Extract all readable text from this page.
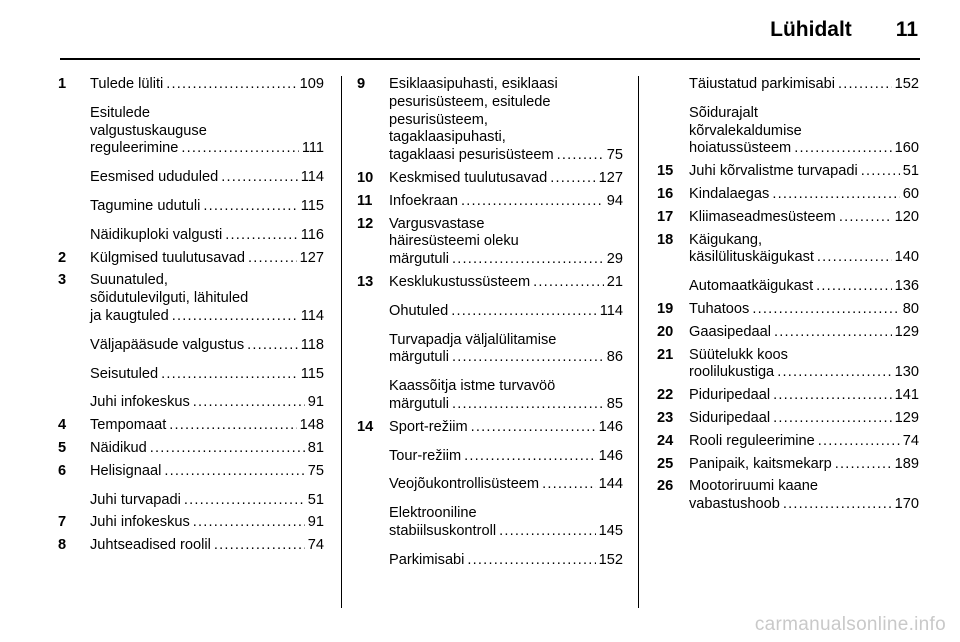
Lühidalt 11
1	Tulede lüliti .....	109
Esitulede
valgustuskauguse
reguleerimine .....	111
Eesmised ududuled .....	114
Tagumine udutuli .....	115
Näidikuploki valgusti .....	116
2	Külgmised tuulutusavad .....	127
3	Suunatuled,
sõidutulevilguti, lähituled
ja kaugtuled .....	114
Väljapääsude valgustus .....	118
Seisutuled .....	115
Juhi infokeskus .....	91
4	Tempomaat .....	148
5	Näidikud .....	81
6	Helisignaal .....	75
Juhi turvapadi .....	51
7	Juhi infokeskus .....	91
8	Juhtseadised roolil .....	74
9	Esiklaasipuhasti, esiklaasi
pesurisüsteem, esitulede
pesurisüsteem,
tagaklaasipuhasti,
tagaklaasi pesurisüsteem .....	75
10	Keskmised tuulutusavad .....	127
11	Infoekraan .....	94
12	Vargusvastase
häiresüsteemi oleku
märgutuli .....	29
13	Kesklukustussüsteem .....	21
Ohutuled .....	114
Turvapadja väljalülitamise
märgutuli .....	86
Kaassõitja istme turvavöö
märgutuli .....	85
14	Sport-režiim .....	146
Tour-režiim .....	146
Veojõukontrollisüsteem .....	144
Elektrooniline
stabiilsuskontroll .....	145
Parkimisabi .....	152
Täiustatud parkimisabi .....	152
Sõidurajalt
kõrvalekaldumise
hoiatussüsteem .....	160
15	Juhi kõrvalistme turvapadi .....	51
16	Kindalaegas .....	60
17	Kliimaseadmesüsteem .....	120
18	Käigukang,
käsilülituskäigukast .....	140
Automaatkäigukast .....	136
19	Tuhatoos .....	80
20	Gaasipedaal .....	129
21	Süütelukk koos
roolilukustiga .....	130
22	Piduripedaal .....	141
23	Siduripedaal .....	129
24	Rooli reguleerimine .....	74
25	Panipaik, kaitsmekarp .....	189
26	Mootoriruumi kaane
vabastushoob .....	170
carmanualsonline.info
